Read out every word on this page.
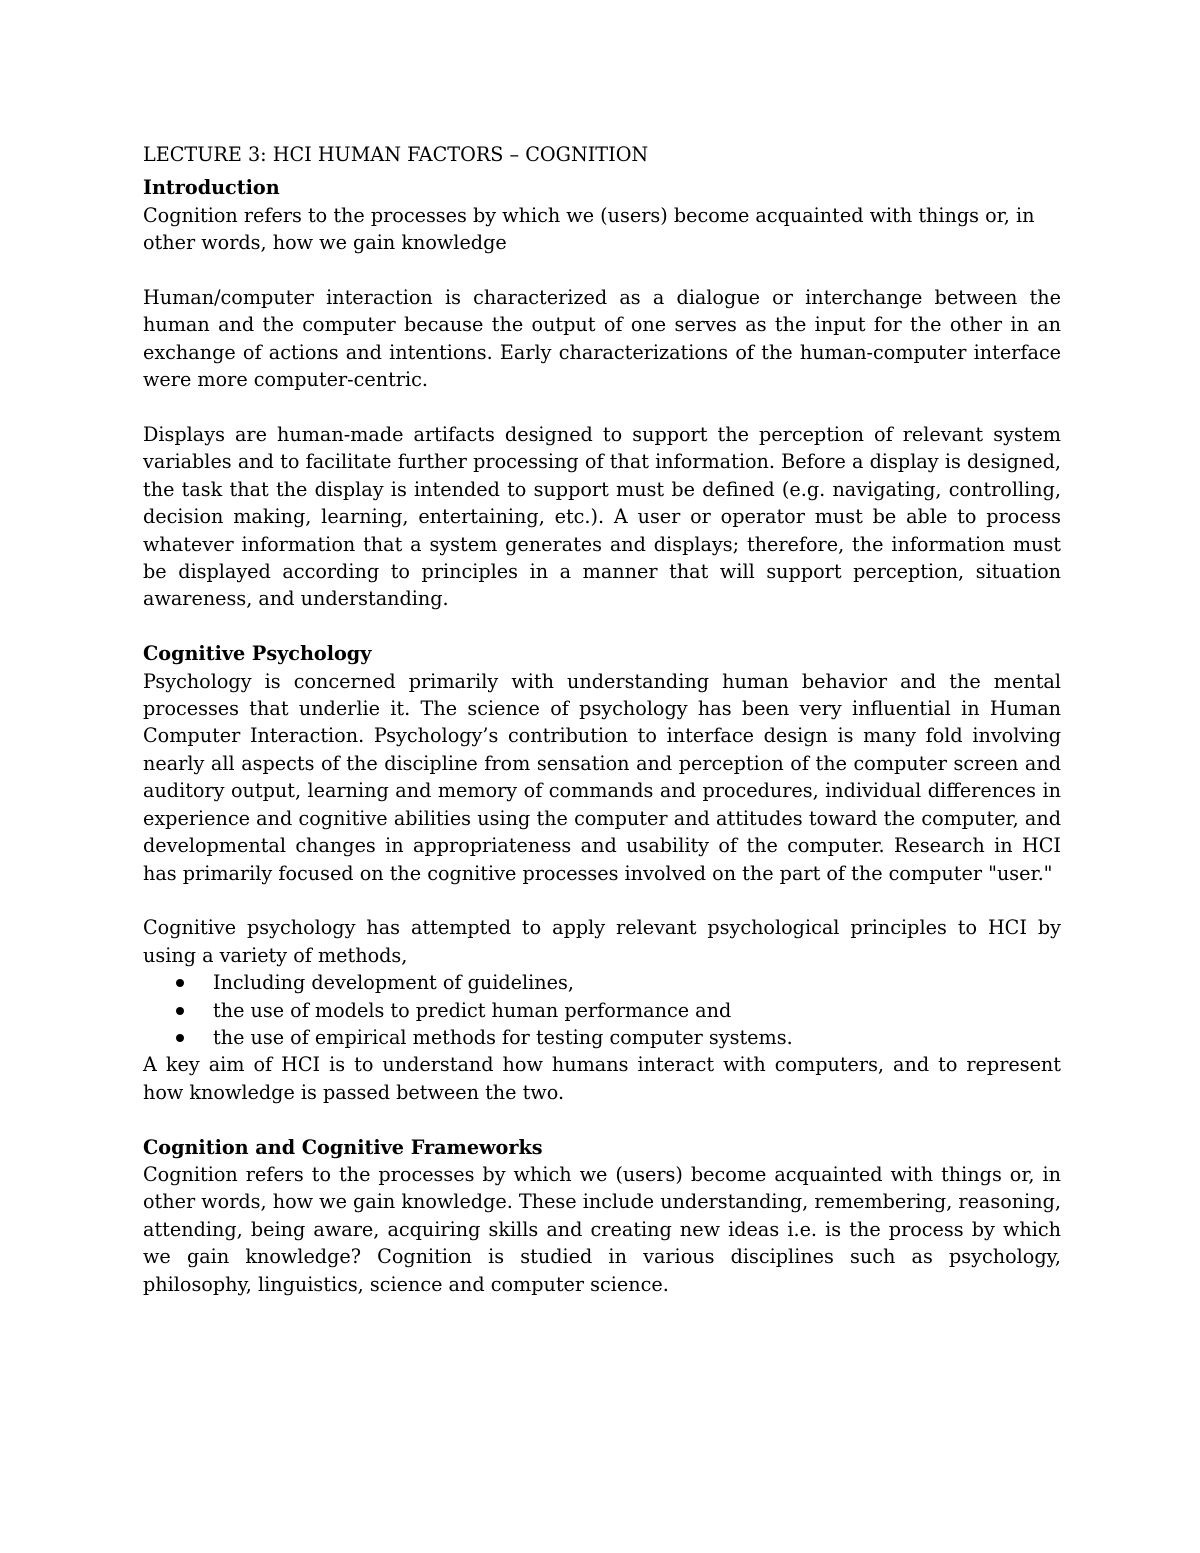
LECTURE 3: HCI HUMAN FACTORS – COGNITION
Introduction

Cognition refers to the processes by which we (users) become acquainted with things or, in other words, how we gain knowledge

Human/computer interaction is characterized as a dialogue or interchange between the human and the computer because the output of one serves as the input for the other in an exchange of actions and intentions. Early characterizations of the human-computer interface were more computer-centric.

Displays are human-made artifacts designed to support the perception of relevant system variables and to facilitate further processing of that information. Before a display is designed, the task that the display is intended to support must be defined (e.g. navigating, controlling, decision making, learning, entertaining, etc.). A user or operator must be able to process whatever information that a system generates and displays; therefore, the information must be displayed according to principles in a manner that will support perception, situation awareness, and understanding.

Cognitive Psychology

Psychology is concerned primarily with understanding human behavior and the mental processes that underlie it. The science of psychology has been very influential in Human Computer Interaction. Psychology’s contribution to interface design is many fold involving nearly all aspects of the discipline from sensation and perception of the computer screen and auditory output, learning and memory of commands and procedures, individual differences in experience and cognitive abilities using the computer and attitudes toward the computer, and developmental changes in appropriateness and usability of the computer. Research in HCI has primarily focused on the cognitive processes involved on the part of the computer "user."

Cognitive psychology has attempted to apply relevant psychological principles to HCI by using a variety of methods,

Including development of guidelines,
the use of models to predict human performance and
the use of empirical methods for testing computer systems.

A key aim of HCI is to understand how humans interact with computers, and to represent how knowledge is passed between the two.

Cognition and Cognitive Frameworks

Cognition refers to the processes by which we (users) become acquainted with things or, in other words, how we gain knowledge. These include understanding, remembering, reasoning, attending, being aware, acquiring skills and creating new ideas i.e. is the process by which we gain knowledge? Cognition is studied in various disciplines such as psychology, philosophy, linguistics, science and computer science.
